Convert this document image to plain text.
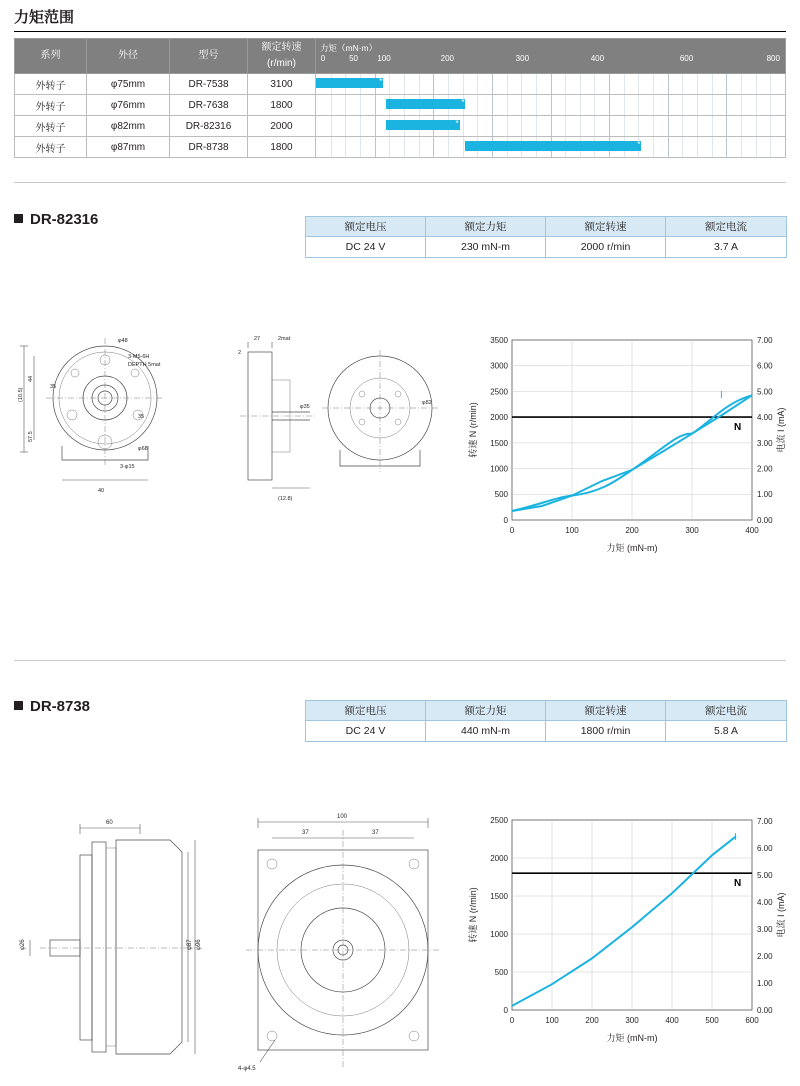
力矩范围
系列	外径	型号	额定转速 (r/min)	
力矩（mN·m）
0	50 100	200	300	400	600	800

外转子	φ75mm	DR-7538	3100	*

外转子	φ76mm	DR-7638	1800	*

外转子	φ82mm	DR-82316	2000	*

外转子	φ87mm	DR-8738	1800	*
DR-82316	额定电压	额定力矩	额定转速	额定电流
DC 24 V	230 mN-m	2000 r/min	3.7 A
(10.5)
44
57.5
φ48
3-M5-6H
DEPTH 5mat
35
35
φ68
3-φ15
40
27	2mat
2
φ35
(12.8)
φ82
0
500
1000
1500
2000
2500
3000
3500
0.00
1.00
2.00
3.00
4.00
5.00
6.00
7.00
0	100	200	300	400
力矩 (mN-m)
转速 N (r/min)	电流 I (mA)
N
I
DR-8738	额定电压	额定力矩	额定转速	额定电流
DC 24 V	440 mN-m	1800 r/min	5.8 A
60
φ96
φ87
φ26
100
37	37
4-φ4.5
0
500
1000
1500
2000
2500
0.00
1.00
2.00
3.00
4.00
5.00
6.00
7.00
0	100	200	300	400	500	600
力矩 (mN-m)
转速 N (r/min)	电流 I (mA)
N
I
